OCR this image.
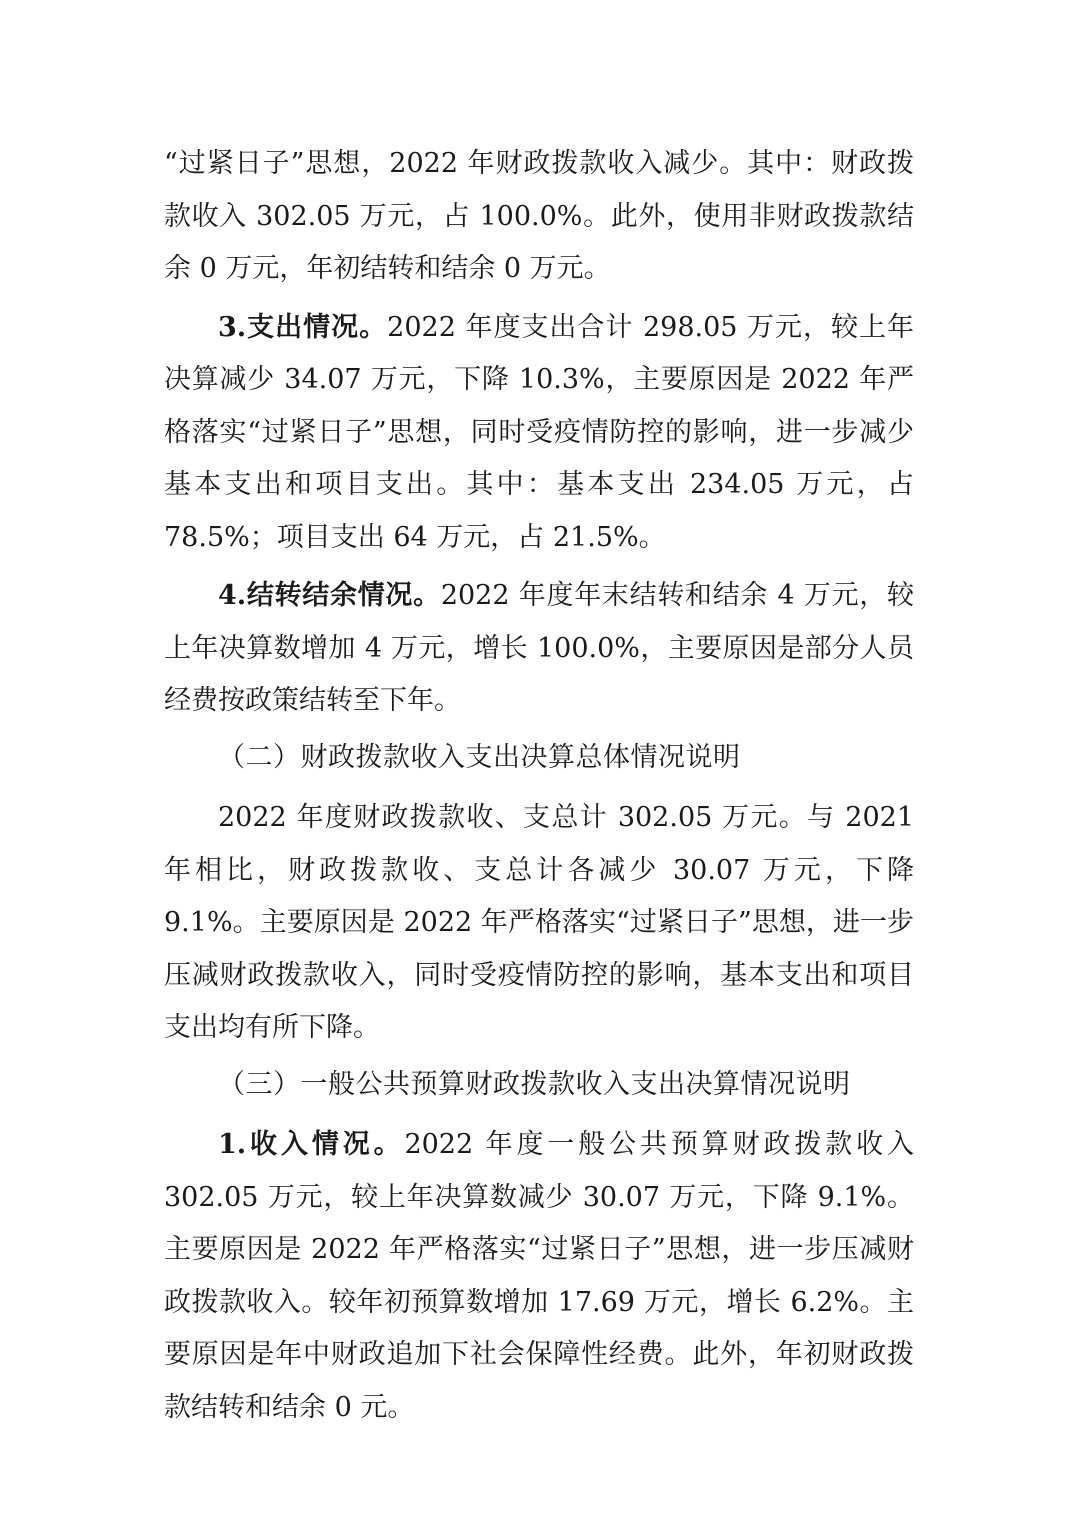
“过紧日子”思想，2022 年财政拨款收入减少。其中：财政拨款收入 302.05 万元，占 100.0%。此外，使用非财政拨款结余 0 万元，年初结转和结余 0 万元。

3.支出情况。2022 年度支出合计 298.05 万元，较上年决算减少 34.07 万元，下降 10.3%，主要原因是 2022 年严格落实“过紧日子”思想，同时受疫情防控的影响，进一步减少基本支出和项目支出。其中：基本支出 234.05 万元，占 78.5%；项目支出 64 万元，占 21.5%。

4.结转结余情况。2022 年度年末结转和结余 4 万元，较上年决算数增加 4 万元，增长 100.0%，主要原因是部分人员经费按政策结转至下年。

（二）财政拨款收入支出决算总体情况说明

2022 年度财政拨款收、支总计 302.05 万元。与 2021 年相比，财政拨款收、支总计各减少 30.07 万元，下降 9.1%。主要原因是 2022 年严格落实“过紧日子”思想，进一步压减财政拨款收入，同时受疫情防控的影响，基本支出和项目支出均有所下降。

（三）一般公共预算财政拨款收入支出决算情况说明

1.收入情况。2022 年度一般公共预算财政拨款收入 302.05 万元，较上年决算数减少 30.07 万元，下降 9.1%。主要原因是 2022 年严格落实“过紧日子”思想，进一步压减财政拨款收入。较年初预算数增加 17.69 万元，增长 6.2%。主要原因是年中财政追加下社会保障性经费。此外，年初财政拨款结转和结余 0 元。
